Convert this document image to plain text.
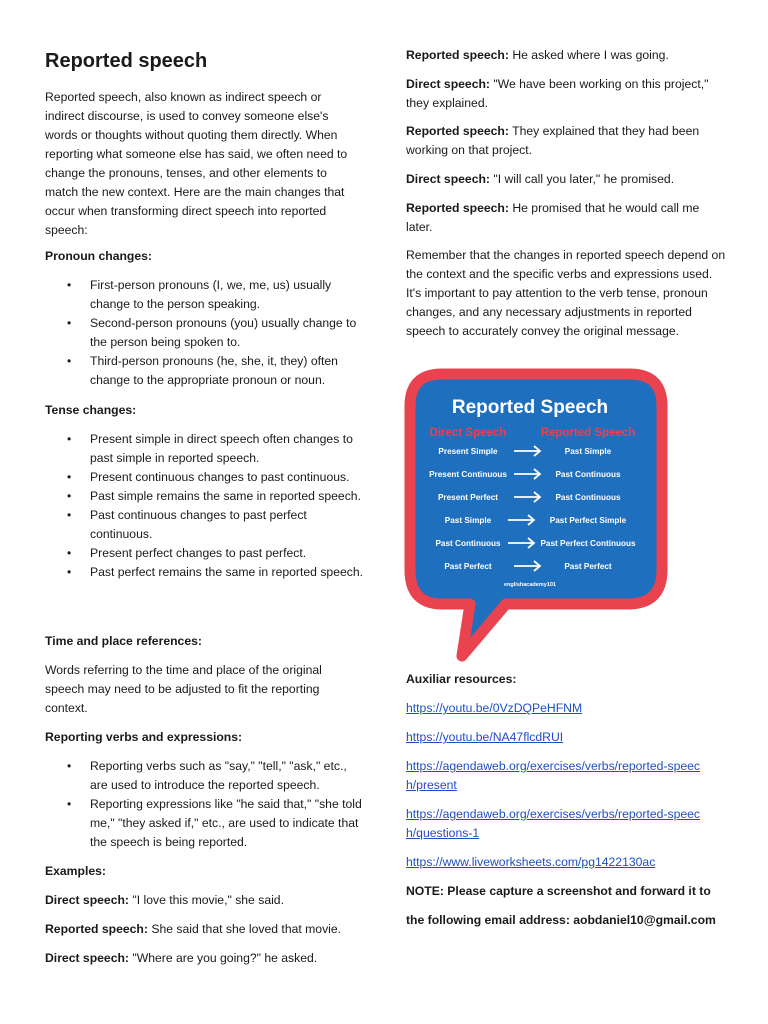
Reported speech

Reported speech, also known as indirect speech or indirect discourse, is used to convey someone else's words or thoughts without quoting them directly. When reporting what someone else has said, we often need to change the pronouns, tenses, and other elements to match the new context. Here are the main changes that occur when transforming direct speech into reported speech:

Pronoun changes:

• First-person pronouns (I, we, me, us) usually change to the person speaking.
• Second-person pronouns (you) usually change to the person being spoken to.
• Third-person pronouns (he, she, it, they) often change to the appropriate pronoun or noun.

Tense changes:

• Present simple in direct speech often changes to past simple in reported speech.
• Present continuous changes to past continuous.
• Past simple remains the same in reported speech.
• Past continuous changes to past perfect continuous.
• Present perfect changes to past perfect.
• Past perfect remains the same in reported speech.

Time and place references:

Words referring to the time and place of the original speech may need to be adjusted to fit the reporting context.

Reporting verbs and expressions:

• Reporting verbs such as "say," "tell," "ask," etc., are used to introduce the reported speech.
• Reporting expressions like "he said that," "she told me," "they asked if," etc., are used to indicate that the speech is being reported.

Examples:

Direct speech: "I love this movie," she said.

Reported speech: She said that she loved that movie.

Direct speech: "Where are you going?" he asked.

Reported speech: He asked where I was going.

Direct speech: "We have been working on this project," they explained.

Reported speech: They explained that they had been working on that project.

Direct speech: "I will call you later," he promised.

Reported speech: He promised that he would call me later.

Remember that the changes in reported speech depend on the context and the specific verbs and expressions used. It's important to pay attention to the verb tense, pronoun changes, and any necessary adjustments in reported speech to accurately convey the original message.

Reported Speech
Direct Speech	Reported Speech
Present Simple	Past Simple
Present Continuous	Past Continuous
Present Perfect	Past Continuous
Past Simple	Past Perfect Simple
Past Continuous	Past Perfect Continuous
Past Perfect	Past Perfect
englishacademy101

Auxiliar resources:

https://youtu.be/0VzDQPeHFNM
https://youtu.be/NA47flcdRUI
https://agendaweb.org/exercises/verbs/reported-speech/present
https://agendaweb.org/exercises/verbs/reported-speech/questions-1
https://www.liveworksheets.com/pg1422130ac

NOTE: Please capture a screenshot and forward it to

the following email address: aobdaniel10@gmail.com
